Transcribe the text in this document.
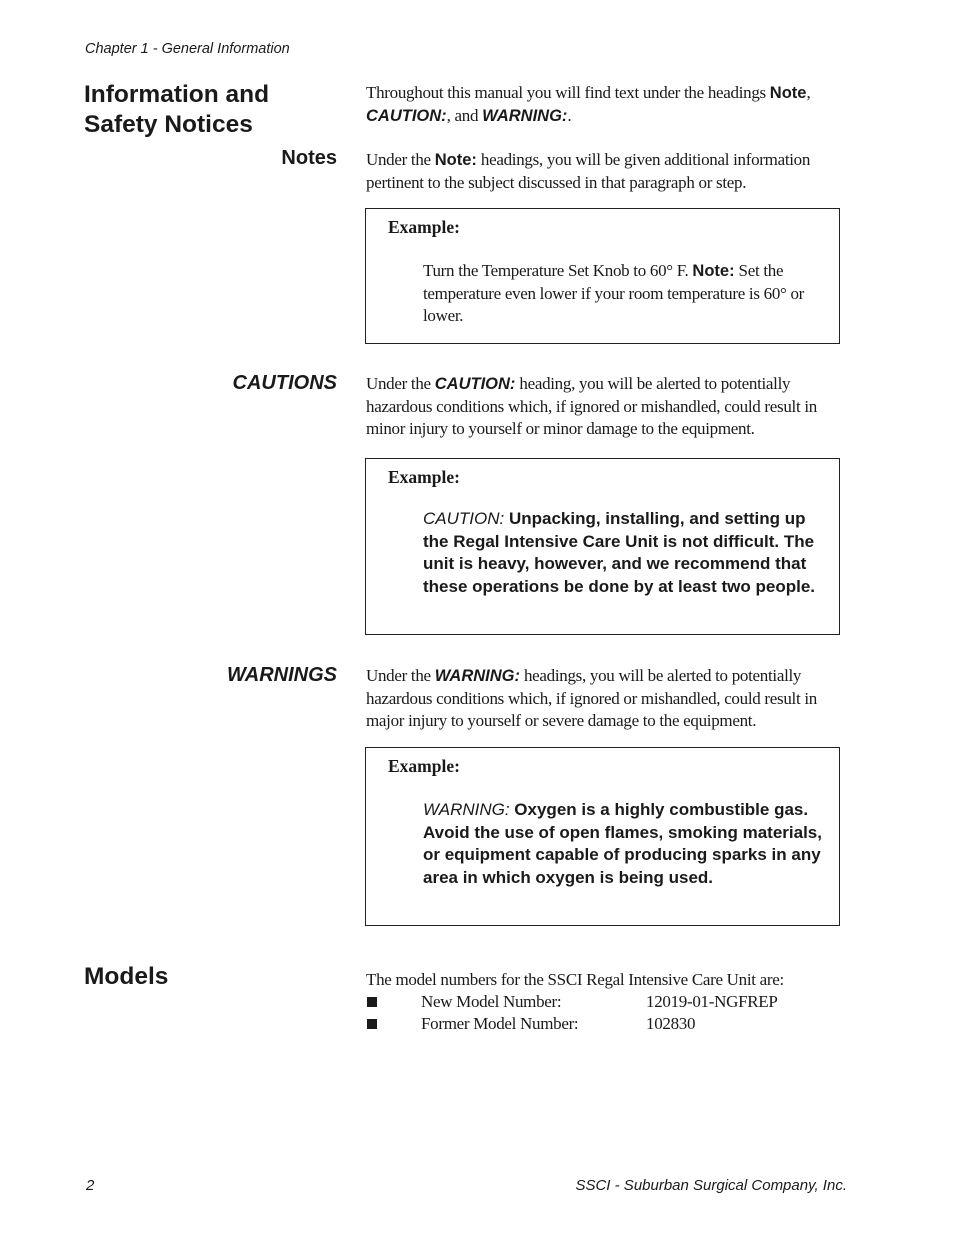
Chapter 1 - General Information
Information and
Safety Notices
Throughout this manual you will find text under the headings Note, CAUTION:, and WARNING:.
Notes Under the Note: headings, you will be given additional information pertinent to the subject discussed in that paragraph or step.
Example:
Turn the Temperature Set Knob to 60° F. Note: Set the temperature even lower if your room temperature is 60° or lower.
CAUTIONS Under the CAUTION: heading, you will be alerted to potentially hazardous conditions which, if ignored or mishandled, could result in minor injury to yourself or minor damage to the equipment.
Example:
CAUTION: Unpacking, installing, and setting up the Regal Intensive Care Unit is not difficult. The unit is heavy, however, and we recommend that these operations be done by at least two people.
WARNINGS Under the WARNING: headings, you will be alerted to potentially hazardous conditions which, if ignored or mishandled, could result in major injury to yourself or severe damage to the equipment.
Example:
WARNING: Oxygen is a highly combustible gas. Avoid the use of open flames, smoking materials, or equipment capable of producing sparks in any area in which oxygen is being used.
Models	The model numbers for the SSCI Regal Intensive Care Unit are:
New Model Number:	12019-01-NGFREP
Former Model Number:	102830
2	SSCI - Suburban Surgical Company, Inc.
